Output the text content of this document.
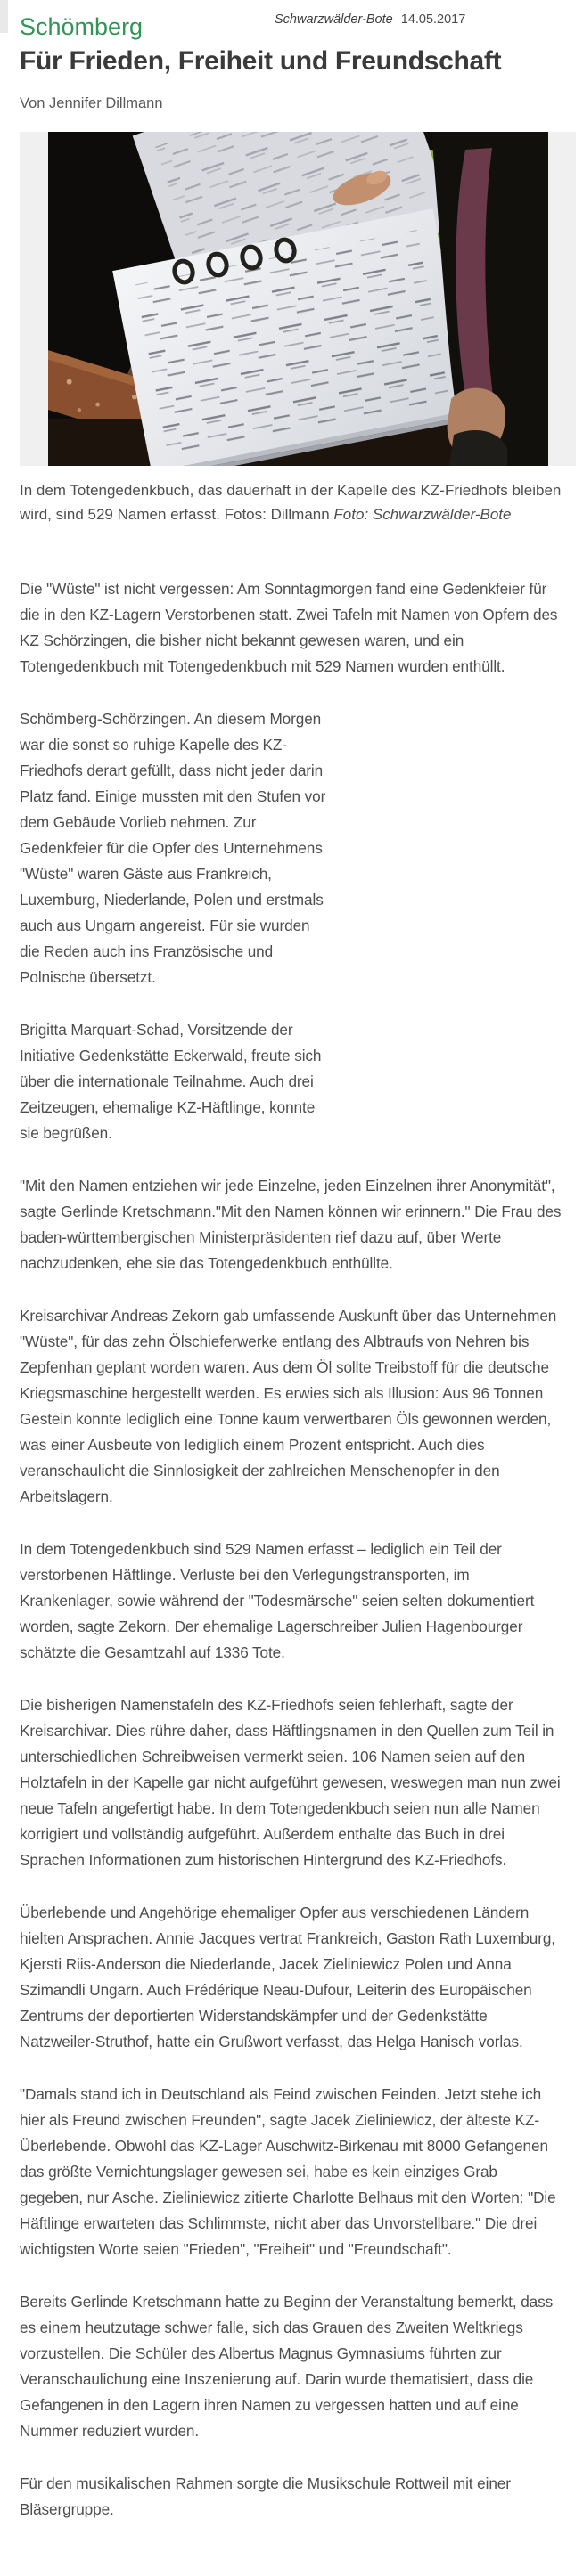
Schömberg	Schwarzwälder-Bote 14.05.2017
Für Frieden, Freiheit und Freundschaft
Von Jennifer Dillmann
In dem Totengedenkbuch, das dauerhaft in der Kapelle des KZ-Friedhofs bleiben wird, sind 529 Namen erfasst. Fotos: Dillmann Foto: Schwarzwälder-Bote

Die "Wüste" ist nicht vergessen: Am Sonntagmorgen fand eine Gedenkfeier für die in den KZ-Lagern Verstorbenen statt. Zwei Tafeln mit Namen von Opfern des KZ Schörzingen, die bisher nicht bekannt gewesen waren, und ein Totengedenkbuch mit Totengedenkbuch mit 529 Namen wurden enthüllt.

Schömberg-Schörzingen. An diesem Morgen war die sonst so ruhige Kapelle des KZ-Friedhofs derart gefüllt, dass nicht jeder darin Platz fand. Einige mussten mit den Stufen vor dem Gebäude Vorlieb nehmen. Zur Gedenkfeier für die Opfer des Unternehmens "Wüste" waren Gäste aus Frankreich, Luxemburg, Niederlande, Polen und erstmals auch aus Ungarn angereist. Für sie wurden die Reden auch ins Französische und Polnische übersetzt.

Brigitta Marquart-Schad, Vorsitzende der Initiative Gedenkstätte Eckerwald, freute sich über die internationale Teilnahme. Auch drei Zeitzeugen, ehemalige KZ-Häftlinge, konnte sie begrüßen.

"Mit den Namen entziehen wir jede Einzelne, jeden Einzelnen ihrer Anonymität", sagte Gerlinde Kretschmann."Mit den Namen können wir erinnern." Die Frau des baden-württembergischen Ministerpräsidenten rief dazu auf, über Werte nachzudenken, ehe sie das Totengedenkbuch enthüllte.

Kreisarchivar Andreas Zekorn gab umfassende Auskunft über das Unternehmen "Wüste", für das zehn Ölschieferwerke entlang des Albtraufs von Nehren bis Zepfenhan geplant worden waren. Aus dem Öl sollte Treibstoff für die deutsche Kriegsmaschine hergestellt werden. Es erwies sich als Illusion: Aus 96 Tonnen Gestein konnte lediglich eine Tonne kaum verwertbaren Öls gewonnen werden, was einer Ausbeute von lediglich einem Prozent entspricht. Auch dies veranschaulicht die Sinnlosigkeit der zahlreichen Menschenopfer in den Arbeitslagern.

In dem Totengedenkbuch sind 529 Namen erfasst – lediglich ein Teil der verstorbenen Häftlinge. Verluste bei den Verlegungstransporten, im Krankenlager, sowie während der "Todesmärsche" seien selten dokumentiert worden, sagte Zekorn. Der ehemalige Lagerschreiber Julien Hagenbourger schätzte die Gesamtzahl auf 1336 Tote.

Die bisherigen Namenstafeln des KZ-Friedhofs seien fehlerhaft, sagte der Kreisarchivar. Dies rühre daher, dass Häftlingsnamen in den Quellen zum Teil in unterschiedlichen Schreibweisen vermerkt seien. 106 Namen seien auf den Holztafeln in der Kapelle gar nicht aufgeführt gewesen, weswegen man nun zwei neue Tafeln angefertigt habe. In dem Totengedenkbuch seien nun alle Namen korrigiert und vollständig aufgeführt. Außerdem enthalte das Buch in drei Sprachen Informationen zum historischen Hintergrund des KZ-Friedhofs.

Überlebende und Angehörige ehemaliger Opfer aus verschiedenen Ländern hielten Ansprachen. Annie Jacques vertrat Frankreich, Gaston Rath Luxemburg, Kjersti Riis-Anderson die Niederlande, Jacek Zieliniewicz Polen und Anna Szimandli Ungarn. Auch Frédérique Neau-Dufour, Leiterin des Europäischen Zentrums der deportierten Widerstandskämpfer und der Gedenkstätte Natzweiler-Struthof, hatte ein Grußwort verfasst, das Helga Hanisch vorlas.

"Damals stand ich in Deutschland als Feind zwischen Feinden. Jetzt stehe ich hier als Freund zwischen Freunden", sagte Jacek Zieliniewicz, der älteste KZ-Überlebende. Obwohl das KZ-Lager Auschwitz-Birkenau mit 8000 Gefangenen das größte Vernichtungslager gewesen sei, habe es kein einziges Grab gegeben, nur Asche. Zieliniewicz zitierte Charlotte Belhaus mit den Worten: "Die Häftlinge erwarteten das Schlimmste, nicht aber das Unvorstellbare." Die drei wichtigsten Worte seien "Frieden", "Freiheit" und "Freundschaft".

Bereits Gerlinde Kretschmann hatte zu Beginn der Veranstaltung bemerkt, dass es einem heutzutage schwer falle, sich das Grauen des Zweiten Weltkriegs vorzustellen. Die Schüler des Albertus Magnus Gymnasiums führten zur Veranschaulichung eine Inszenierung auf. Darin wurde thematisiert, dass die Gefangenen in den Lagern ihren Namen zu vergessen hatten und auf eine Nummer reduziert wurden.

Für den musikalischen Rahmen sorgte die Musikschule Rottweil mit einer Bläsergruppe.
